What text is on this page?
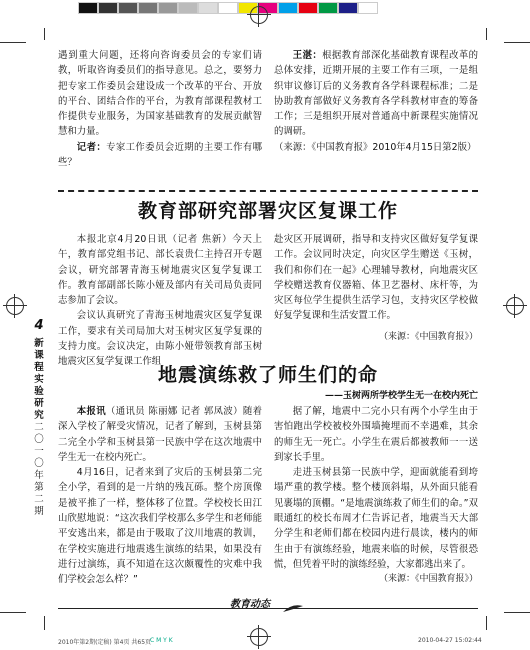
遇到重大问题，还将向咨询委员会的专家们请教，听取咨询委员们的指导意见。总之，要努力把专家工作委员会建设成一个改革的平台、开放的平台、团结合作的平台，为教育部课程教材工作提供专业服务，为国家基础教育的发展贡献智慧和力量。

记者：专家工作委员会近期的主要工作有哪些？

王湛：根据教育部深化基础教育课程改革的总体安排，近期开展的主要工作有三项，一是组织审议修订后的义务教育各学科课程标准；二是协助教育部做好义务教育各学科教材审查的筹备工作；三是组织开展对普通高中新课程实施情况的调研。

（来源：《中国教育报》2010年4月15日第2版）

教育部研究部署灾区复课工作

本报北京4月20日讯（记者 焦新）今天上午，教育部党组书记、部长袁贵仁主持召开专题会议，研究部署青海玉树地震灾区复学复课工作。教育部副部长陈小娅及部内有关司局负责同志参加了会议。

会议认真研究了青海玉树地震灾区复学复课工作，要求有关司局加大对玉树灾区复学复课的支持力度。会议决定，由陈小娅带领教育部玉树地震灾区复学复课工作组

赴灾区开展调研，指导和支持灾区做好复学复课工作。会议同时决定，向灾区学生赠送《玉树，我们和你们在一起》心理辅导教材，向地震灾区学校赠送教育仪器箱、体卫艺器材、床杆等，为灾区每位学生提供生活学习包，支持灾区学校做好复学复课和生活安置工作。

（来源：《中国教育报》）

地震演练救了师生们的命
——玉树两所学校学生无一在校内死亡

本报讯（通讯员 陈丽娜 记者 郭凤波）随着深入学校了解受灾情况，记者了解到，玉树县第二完全小学和玉树县第一民族中学在这次地震中学生无一在校内死亡。

4月16日，记者来到了灾后的玉树县第二完全小学，看到的是一片纳的残瓦砾。整个房顶像是被平推了一样，整体移了位置。学校校长田江山欣慰地说：“这次我们学校那么多学生和老师能平安逃出来，都是由于吸取了汶川地震的教训，在学校实施进行地震逃生演练的结果，如果没有进行过演练，真不知道在这次颇覆性的灾难中我们学校会怎么样？”

据了解，地震中二完小只有两个小学生由于害怕跑出学校被校外围墙掩埋而不幸遇难，其余的师生无一死亡。小学生在震后都被教师一一送到家长手里。

走进玉树县第一民族中学，迎面就能看到垮塌严重的教学楼。整个楼顶斜塌，从外面只能看见裹塌的顶棚。“是地震演练救了师生们的命。”双眼通红的校长布周才仁告诉记者，地震当天大部分学生和老师们都在校园内进行晨读，楼内的师生由于有演练经验，地震来临的时候，尽管很恐慌，但凭着平时的演练经验，大家都逃出来了。

（来源：《中国教育报》）

4
新课程实验研究
二〇一〇年 第二期
教育动态
2010年第2期(定稿) 第4页 共65页
C M Y K	2010-04-27 15:02:44
